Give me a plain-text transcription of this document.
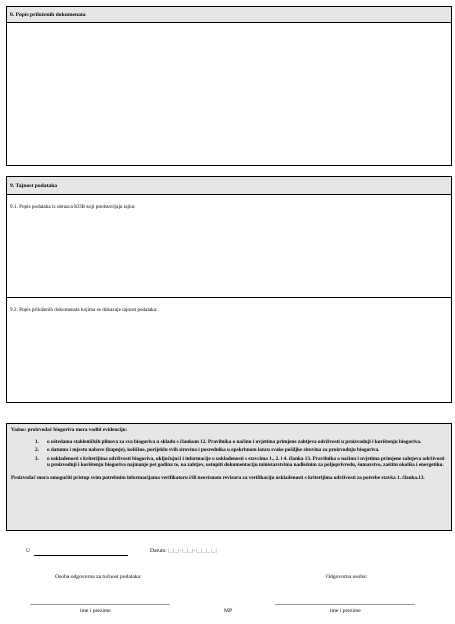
8. Popis priloženih dokumenata
9. Tajnost podataka
9.1. Popis podataka iz obrasca KOB koji predstavljaju tajnu:
9.2. Popis priloženih dokumenata kojima se dokazuje tajnost podataka:
Važno: proizvođač biogoriva mora voditi evidenciju:
1.	o uštedama stakleničkih plinova za sva biogoriva u skladu s člankom 12. Pravilnika o načinu i uvjetima primjene zahtjeva održivosti u proizvodnji i korištenju biogoriva.
2.	o datumu i mjestu nabave (kupnje), količine, porijeklu svih sirovina i posrednika u opskrbnom lancu svake pošiljke sirovina za proizvodnju biogoriva.
3.	o usklađenosti s kriterijima održivosti biogoriva, uključujući i informacije o usklađenosti s stavcima 1., 2. i 4. članka 13. Pravilnika o načinu i uvjetima primjene zahtjeva održivosti u proizvodnji i korištenju biogoriva najmanje pet godina te, na zahtjev, ustupiti dokumentaciju ministarstvima nadležnim za poljoprivredu, šumarstvo, zaštitu okoliša i energetiku.
Proizvođač mora omogućiti pristup svim potrebnim informacijama verifikatoru i/ili neovisnom revizoru za verifikaciju usklađenosti s kriterijima održivosti za potrebe stavka 1. članka.13.
U	Datum: |_|_|-|_|_|-|_|_|_|_|
Osoba odgovorna za točnost podataka:	Odgovorna osoba:
ime i prezime	MP	ime i prezime
